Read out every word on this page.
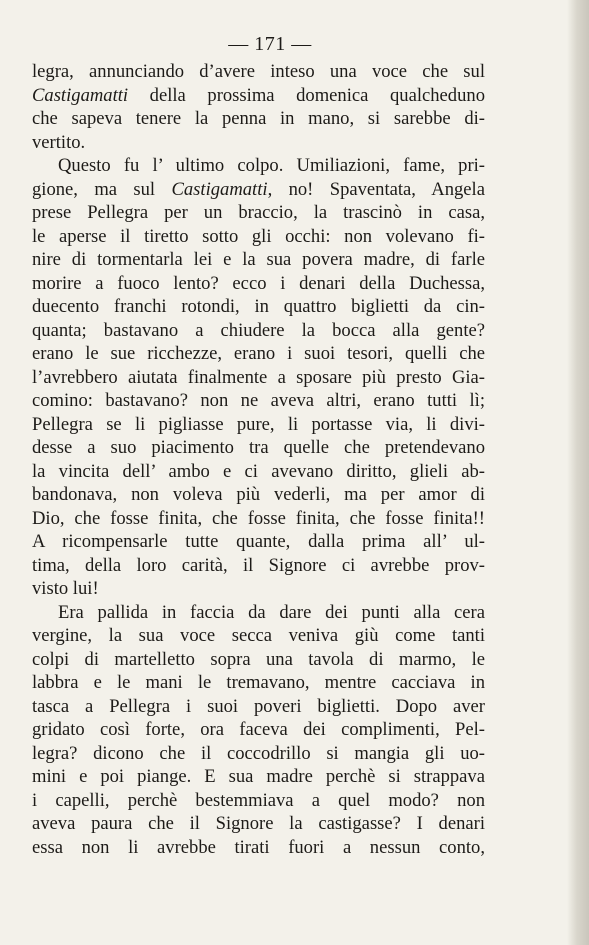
— 171 —
legra, annunciando d’avere inteso una voce che sul
Castigamatti della prossima domenica qualcheduno
che sapeva tenere la penna in mano, si sarebbe di-
vertito.
Questo fu l’ ultimo colpo. Umiliazioni, fame, pri-
gione, ma sul Castigamatti, no! Spaventata, Angela
prese Pellegra per un braccio, la trascinò in casa,
le aperse il tiretto sotto gli occhi: non volevano fi-
nire di tormentarla lei e la sua povera madre, di farle
morire a fuoco lento? ecco i denari della Duchessa,
duecento franchi rotondi, in quattro biglietti da cin-
quanta; bastavano a chiudere la bocca alla gente?
erano le sue ricchezze, erano i suoi tesori, quelli che
l’avrebbero aiutata finalmente a sposare più presto Gia-
comino: bastavano? non ne aveva altri, erano tutti lì;
Pellegra se li pigliasse pure, li portasse via, li divi-
desse a suo piacimento tra quelle che pretendevano
la vincita dell’ ambo e ci avevano diritto, glieli ab-
bandonava, non voleva più vederli, ma per amor di
Dio, che fosse finita, che fosse finita, che fosse finita!!
A ricompensarle tutte quante, dalla prima all’ ul-
tima, della loro carità, il Signore ci avrebbe prov-
visto lui!
Era pallida in faccia da dare dei punti alla cera
vergine, la sua voce secca veniva giù come tanti
colpi di martelletto sopra una tavola di marmo, le
labbra e le mani le tremavano, mentre cacciava in
tasca a Pellegra i suoi poveri biglietti. Dopo aver
gridato così forte, ora faceva dei complimenti, Pel-
legra? dicono che il coccodrillo si mangia gli uo-
mini e poi piange. E sua madre perchè si strappava
i capelli, perchè bestemmiava a quel modo? non
aveva paura che il Signore la castigasse? I denari
essa non li avrebbe tirati fuori a nessun conto,
